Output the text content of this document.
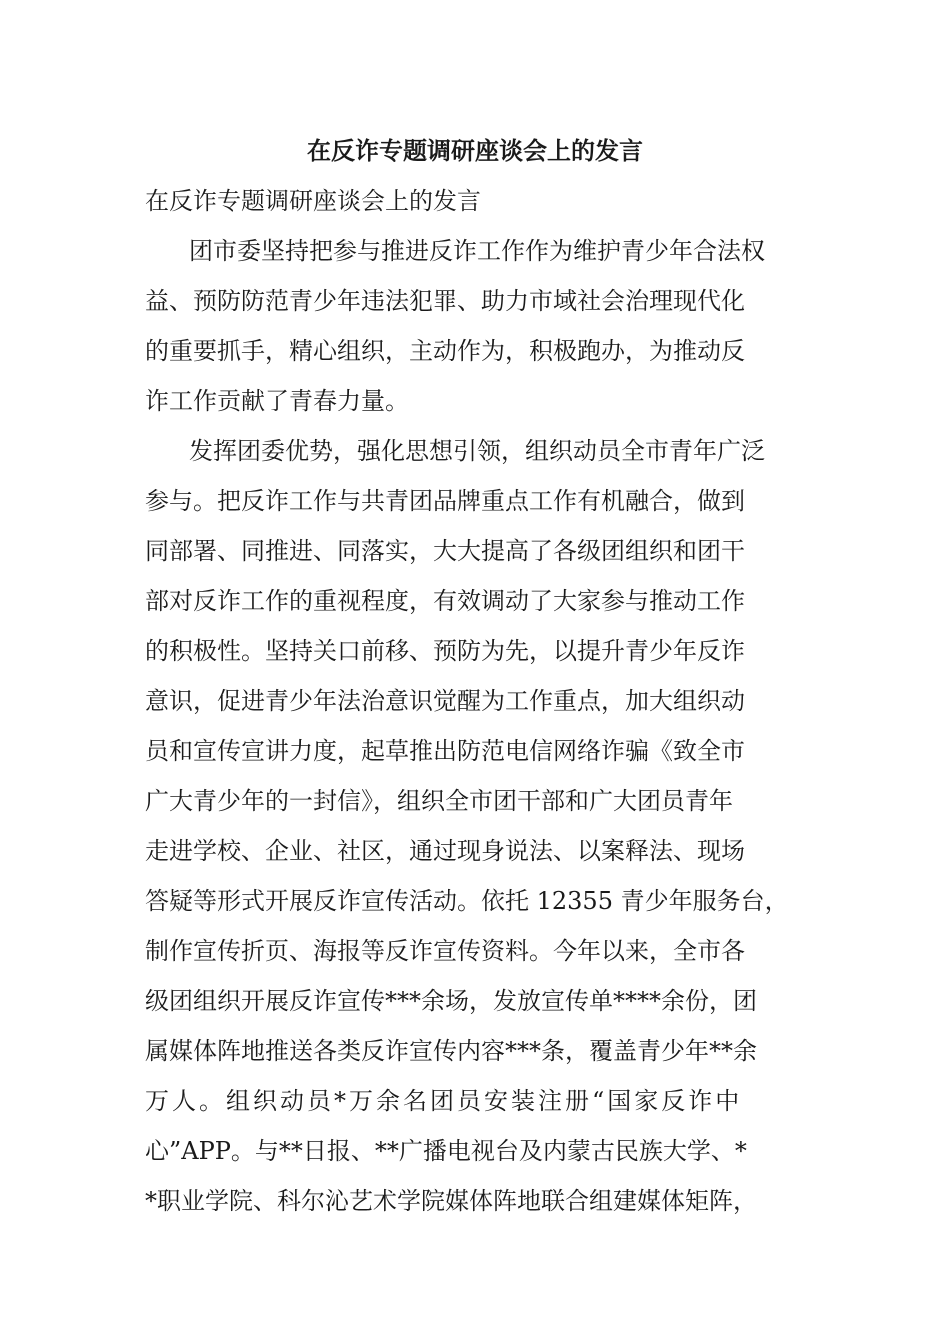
在反诈专题调研座谈会上的发言

在反诈专题调研座谈会上的发言

团市委坚持把参与推进反诈工作作为维护青少年合法权
益、预防防范青少年违法犯罪、助力市域社会治理现代化
的重要抓手，精心组织，主动作为，积极跑办，为推动反
诈工作贡献了青春力量。
发挥团委优势，强化思想引领，组织动员全市青年广泛
参与。把反诈工作与共青团品牌重点工作有机融合，做到
同部署、同推进、同落实，大大提高了各级团组织和团干
部对反诈工作的重视程度，有效调动了大家参与推动工作
的积极性。坚持关口前移、预防为先，以提升青少年反诈
意识，促进青少年法治意识觉醒为工作重点，加大组织动
员和宣传宣讲力度，起草推出防范电信网络诈骗《致全市
广大青少年的一封信》，组织全市团干部和广大团员青年
走进学校、企业、社区，通过现身说法、以案释法、现场
答疑等形式开展反诈宣传活动。依托 12355 青少年服务台，
制作宣传折页、海报等反诈宣传资料。今年以来，全市各
级团组织开展反诈宣传***余场，发放宣传单****余份，团
属媒体阵地推送各类反诈宣传内容***条，覆盖青少年**余
万人。组织动员*万余名团员安装注册“国家反诈中
心”APP。与**日报、**广播电视台及内蒙古民族大学、*
*职业学院、科尔沁艺术学院媒体阵地联合组建媒体矩阵，
